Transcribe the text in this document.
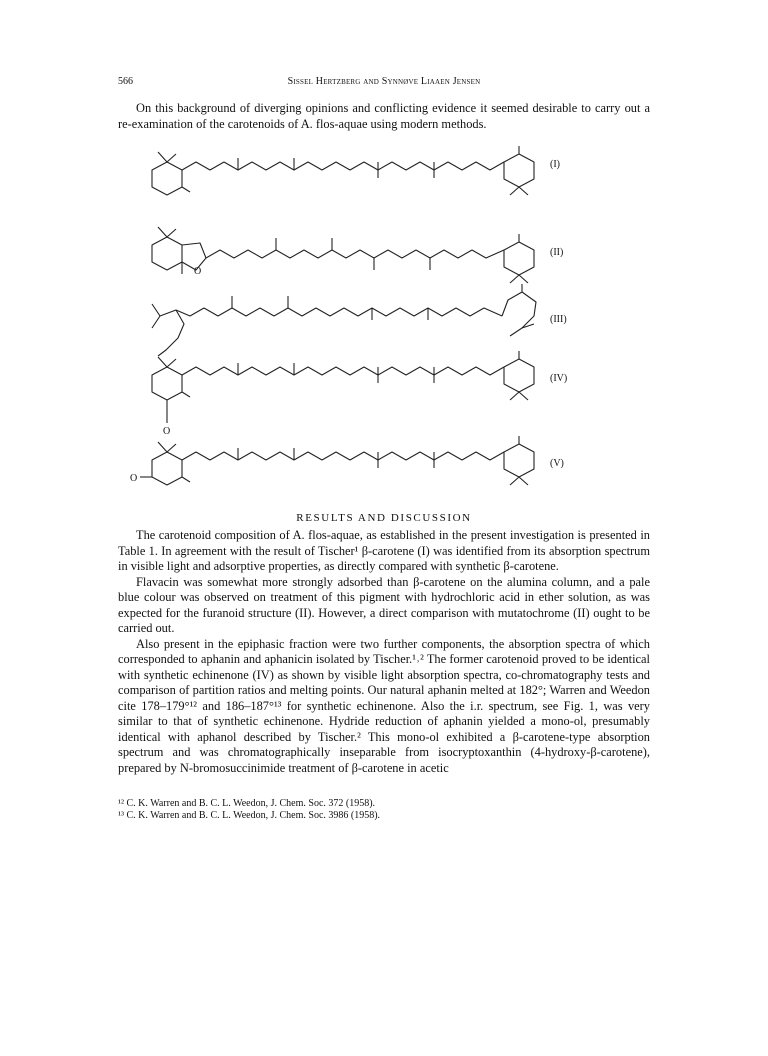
566	Sissel Hertzberg and Synnøve Liaaen Jensen

On this background of diverging opinions and conflicting evidence it seemed desirable to carry out a re-examination of the carotenoids of A. flos-aquae using modern methods.

O
O
O
(I)
(II)
(III)
(IV)
(V)
RESULTS AND DISCUSSION

The carotenoid composition of A. flos-aquae, as established in the present investigation is presented in Table 1. In agreement with the result of Tischer¹ β-carotene (I) was identified from its absorption spectrum in visible light and adsorptive properties, as directly compared with synthetic β-carotene.

Flavacin was somewhat more strongly adsorbed than β-carotene on the alumina column, and a pale blue colour was observed on treatment of this pigment with hydrochloric acid in ether solution, as was expected for the furanoid structure (II). However, a direct comparison with mutatochrome (II) ought to be carried out.

Also present in the epiphasic fraction were two further components, the absorption spectra of which corresponded to aphanin and aphanicin isolated by Tischer.¹˒² The former carotenoid proved to be identical with synthetic echinenone (IV) as shown by visible light absorption spectra, co-chromatography tests and comparison of partition ratios and melting points. Our natural aphanin melted at 182°; Warren and Weedon cite 178–179°¹² and 186–187°¹³ for synthetic echinenone. Also the i.r. spectrum, see Fig. 1, was very similar to that of synthetic echinenone. Hydride reduction of aphanin yielded a mono-ol, presumably identical with aphanol described by Tischer.² This mono-ol exhibited a β-carotene-type absorption spectrum and was chromatographically inseparable from isocryptoxanthin (4-hydroxy-β-carotene), prepared by N-bromosuccinimide treatment of β-carotene in acetic

¹² C. K. Warren and B. C. L. Weedon, J. Chem. Soc. 372 (1958).
¹³ C. K. Warren and B. C. L. Weedon, J. Chem. Soc. 3986 (1958).
